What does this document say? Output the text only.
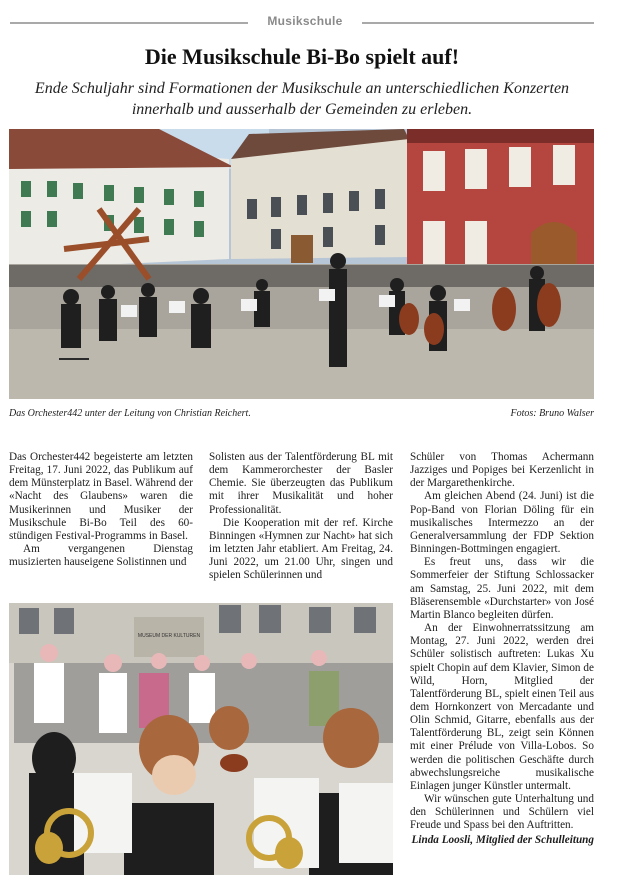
Musikschule
Die Musikschule Bi-Bo spielt auf!
Ende Schuljahr sind Formationen der Musikschule an unterschiedlichen Konzerten innerhalb und ausserhalb der Gemeinden zu erleben.
Das Orchester442 unter der Leitung von Christian Reichert.	Fotos: Bruno Walser

Das Orchester442 begeisterte am letzten Freitag, 17. Juni 2022, das Publikum auf dem Münsterplatz in Basel. Während der «Nacht des Glaubens» waren die Musikerinnen und Musiker der Musikschule Bi-Bo Teil des 60-stündigen Festival-Programms in Basel.

Am vergangenen Dienstag musizierten hauseigene Solistinnen und

Solisten aus der Talentförderung BL mit dem Kammerorchester der Basler Chemie. Sie überzeugten das Publikum mit ihrer Musikalität und hoher Professionalität.

Die Kooperation mit der ref. Kirche Binningen «Hymnen zur Nacht» hat sich im letzten Jahr etabliert. Am Freitag, 24. Juni 2022, um 21.00 Uhr, singen und spielen Schülerinnen und

Schüler von Thomas Achermann Jazziges und Popiges bei Kerzenlicht in der Margarethenkirche.

Am gleichen Abend (24. Juni) ist die Pop-Band von Florian Döling für ein musikalisches Intermezzo an der Generalversammlung der FDP Sektion Binningen-Bottmingen engagiert.

Es freut uns, dass wir die Sommerfeier der Stiftung Schlossacker am Samstag, 25. Juni 2022, mit dem Bläserensemble «Durchstarter» von José Martin Blanco begleiten dürfen.

An der Einwohnerratssitzung am Montag, 27. Juni 2022, werden drei Schüler solistisch auftreten: Lukas Xu spielt Chopin auf dem Klavier, Simon de Wild, Horn, Mitglied der Talentförderung BL, spielt einen Teil aus dem Hornkonzert von Mercadante und Olin Schmid, Gitarre, ebenfalls aus der Talentförderung BL, zeigt sein Können mit einer Prélude von Villa-Lobos. So werden die politischen Geschäfte durch abwechslungsreiche musikalische Einlagen junger Künstler untermalt.

Wir wünschen gute Unterhaltung und den Schülerinnen und Schülern viel Freude und Spass bei den Auftritten.

Linda Loosli, Mitglied der Schulleitung
MUSEUM DER KULTUREN
